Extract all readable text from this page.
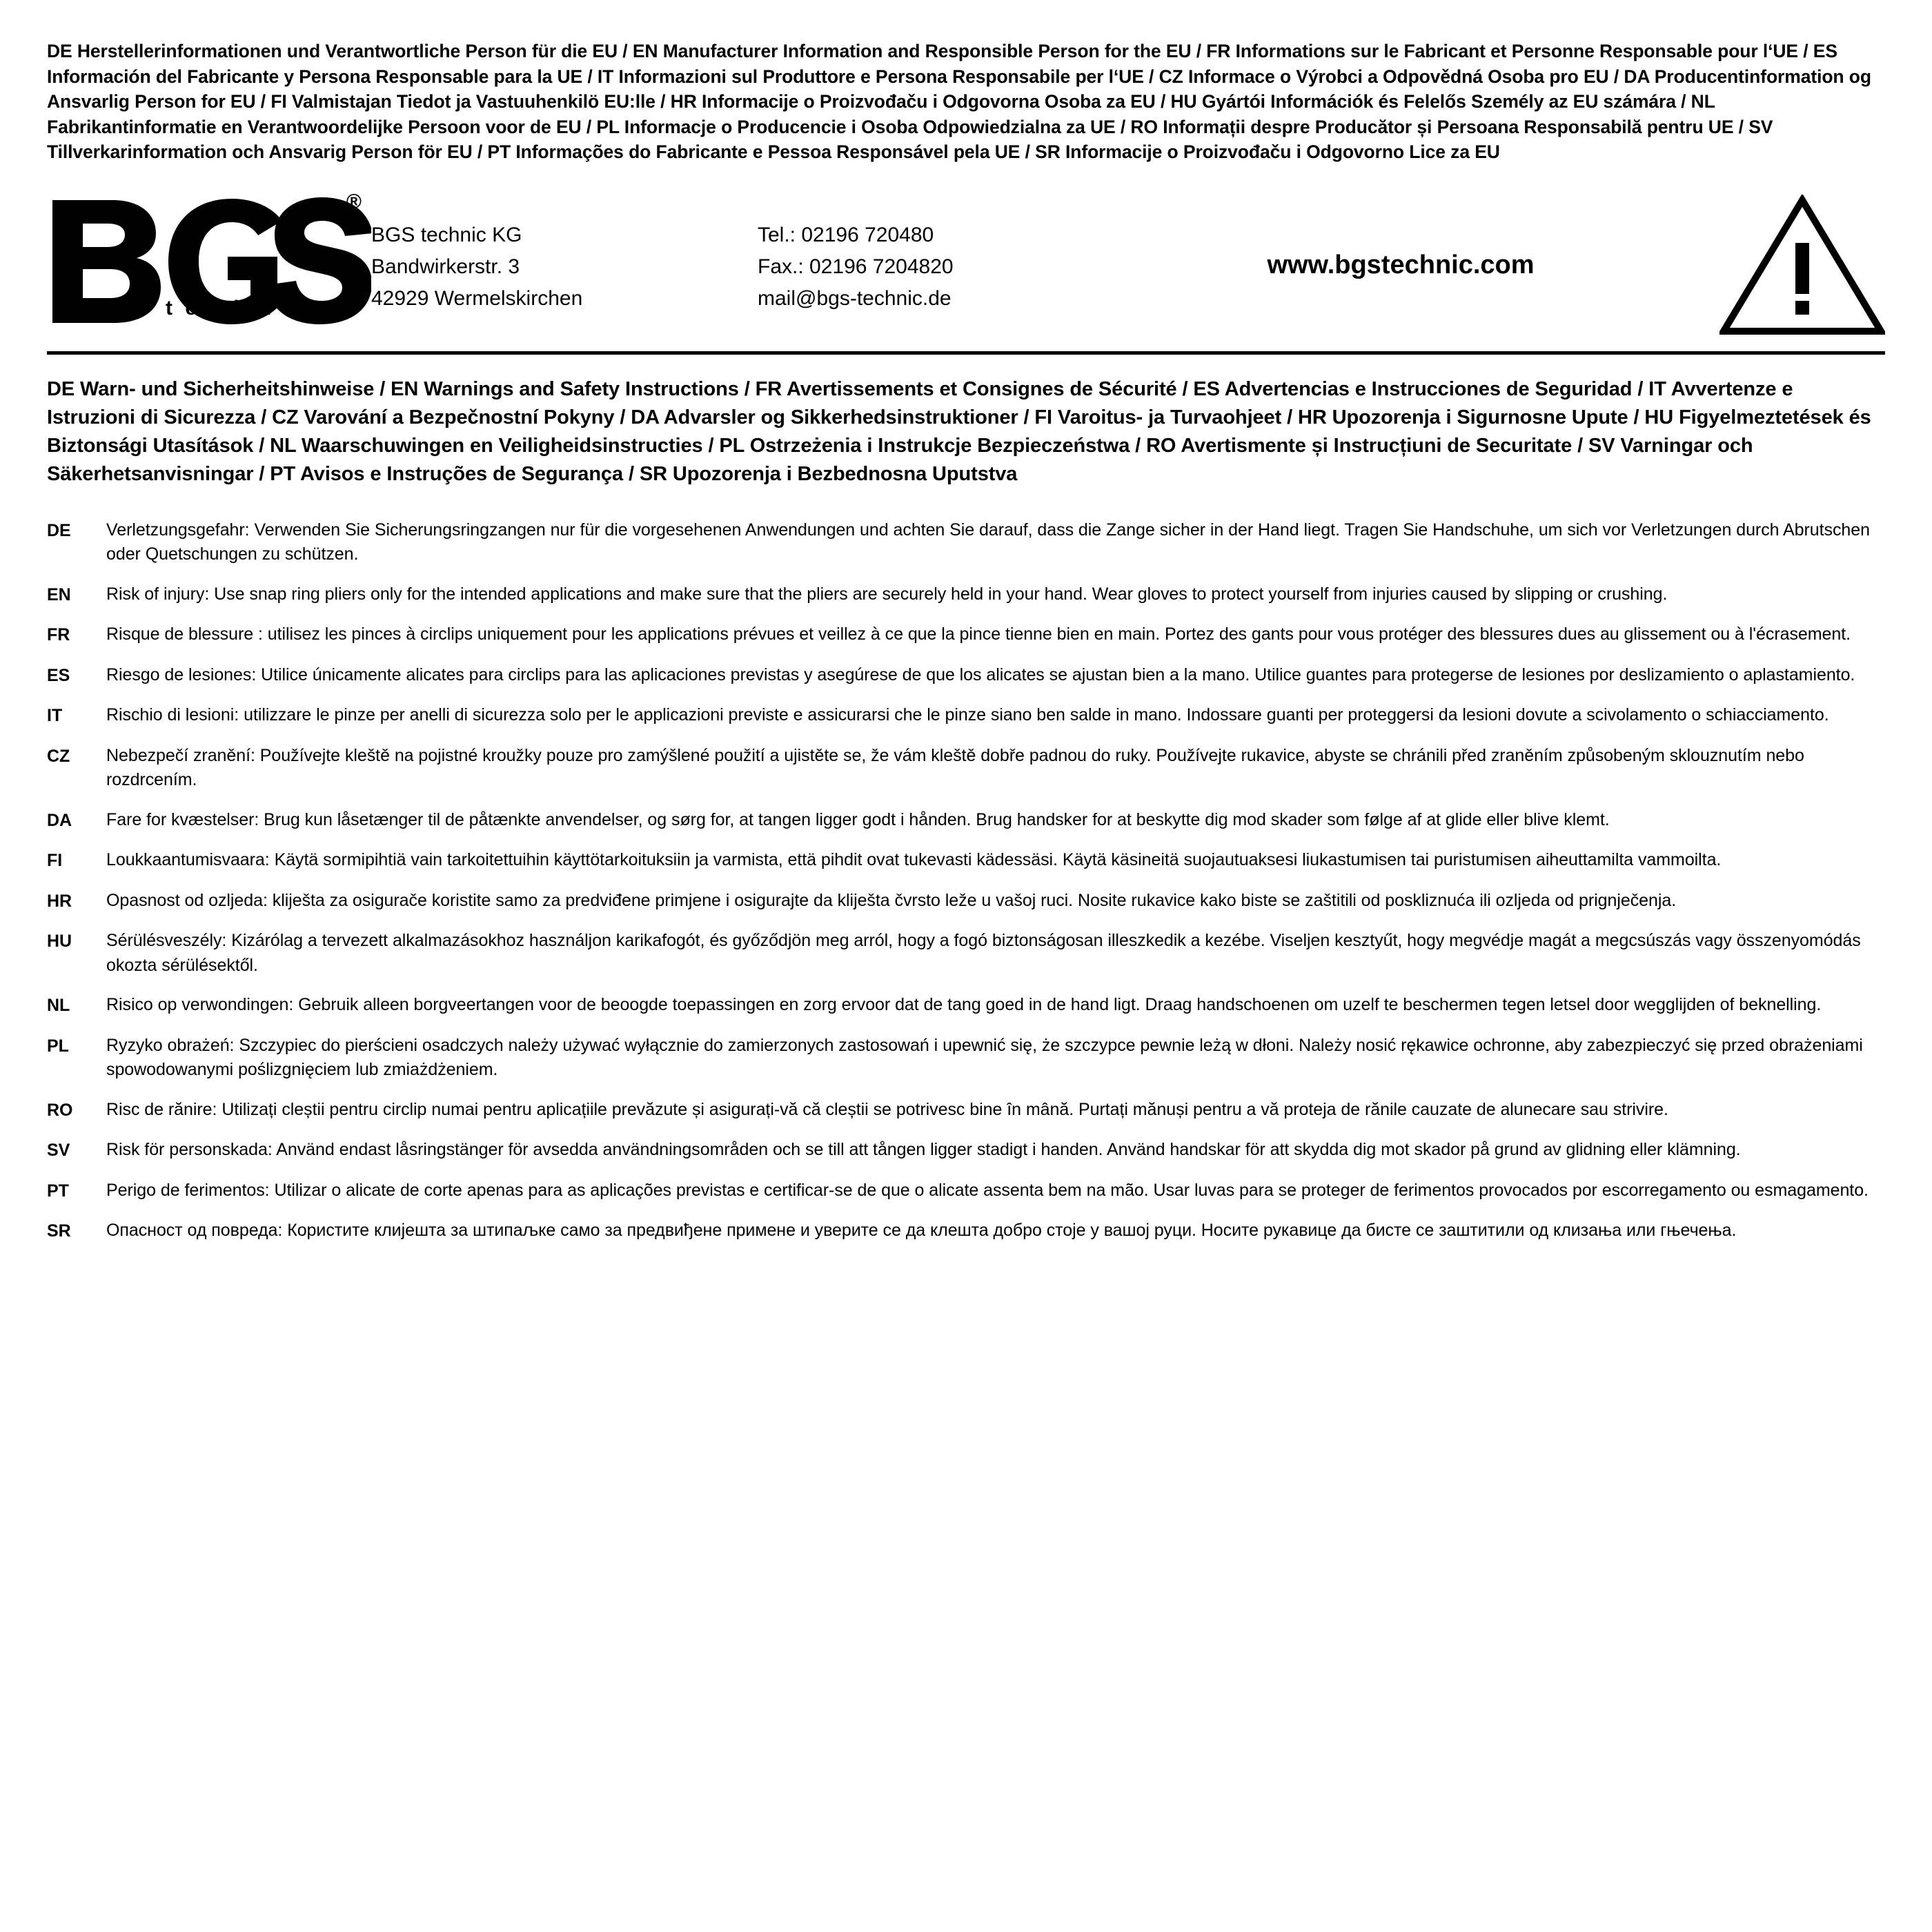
DE Herstellerinformationen und Verantwortliche Person für die EU / EN Manufacturer Information and Responsible Person for the EU / FR Informations sur le Fabricant et Personne Responsable pour l‘UE / ES Información del Fabricante y Persona Responsable para la UE / IT Informazioni sul Produttore e Persona Responsabile per l‘UE / CZ Informace o Výrobci a Odpovědná Osoba pro EU / DA Producentinformation og Ansvarlig Person for EU / FI Valmistajan Tiedot ja Vastuuhenkilö EU:lle / HR Informacije o Proizvođaču i Odgovorna Osoba za EU / HU Gyártói Információk és Felelős Személy az EU számára / NL Fabrikantinformatie en Verantwoordelijke Persoon voor de EU / PL Informacje o Producencie i Osoba Odpowiedzialna za UE / RO Informații despre Producător și Persoana Responsabilă pentru UE / SV Tillverkarinformation och Ansvarig Person för EU / PT Informações do Fabricante e Pessoa Responsável pela UE / SR Informacije o Proizvođaču i Odgovorno Lice za EU
®
t e c h n i c
BGS technic KG
Bandwirkerstr. 3
42929 Wermelskirchen
Tel.: 02196 720480
Fax.: 02196 7204820
mail@bgs-technic.de
www.bgstechnic.com
DE Warn- und Sicherheitshinweise / EN Warnings and Safety Instructions / FR Avertissements et Consignes de Sécurité / ES Advertencias e Instrucciones de Seguridad / IT Avvertenze e Istruzioni di Sicurezza / CZ Varování a Bezpečnostní Pokyny / DA Advarsler og Sikkerhedsinstruktioner / FI Varoitus- ja Turvaohjeet / HR Upozorenja i Sigurnosne Upute / HU Figyelmeztetések és Biztonsági Utasítások / NL Waarschuwingen en Veiligheidsinstructies / PL Ostrzeżenia i Instrukcje Bezpieczeństwa / RO Avertismente și Instrucțiuni de Securitate / SV Varningar och Säkerhetsanvisningar / PT Avisos e Instruções de Segurança / SR Upozorenja i Bezbednosna Uputstva
DE	Verletzungsgefahr: Verwenden Sie Sicherungsringzangen nur für die vorgesehenen Anwendungen und achten Sie darauf, dass die Zange sicher in der Hand liegt. Tragen Sie Handschuhe, um sich vor Verletzungen durch Abrutschen oder Quetschungen zu schützen.
EN	Risk of injury: Use snap ring pliers only for the intended applications and make sure that the pliers are securely held in your hand. Wear gloves to protect yourself from injuries caused by slipping or crushing.
FR	Risque de blessure : utilisez les pinces à circlips uniquement pour les applications prévues et veillez à ce que la pince tienne bien en main. Portez des gants pour vous protéger des blessures dues au glissement ou à l'écrasement.
ES	Riesgo de lesiones: Utilice únicamente alicates para circlips para las aplicaciones previstas y asegúrese de que los alicates se ajustan bien a la mano. Utilice guantes para protegerse de lesiones por deslizamiento o aplastamiento.
IT	Rischio di lesioni: utilizzare le pinze per anelli di sicurezza solo per le applicazioni previste e assicurarsi che le pinze siano ben salde in mano. Indossare guanti per proteggersi da lesioni dovute a scivolamento o schiacciamento.
CZ	Nebezpečí zranění: Používejte kleště na pojistné kroužky pouze pro zamýšlené použití a ujistěte se, že vám kleště dobře padnou do ruky. Používejte rukavice, abyste se chránili před zraněním způsobeným sklouznutím nebo rozdrcením.
DA	Fare for kvæstelser: Brug kun låsetænger til de påtænkte anvendelser, og sørg for, at tangen ligger godt i hånden. Brug handsker for at beskytte dig mod skader som følge af at glide eller blive klemt.
FI	Loukkaantumisvaara: Käytä sormipihtiä vain tarkoitettuihin käyttötarkoituksiin ja varmista, että pihdit ovat tukevasti kädessäsi. Käytä käsineitä suojautuaksesi liukastumisen tai puristumisen aiheuttamilta vammoilta.
HR	Opasnost od ozljeda: kliješta za osigurače koristite samo za predviđene primjene i osigurajte da kliješta čvrsto leže u vašoj ruci. Nosite rukavice kako biste se zaštitili od poskliznuća ili ozljeda od prignječenja.
HU	Sérülésveszély: Kizárólag a tervezett alkalmazásokhoz használjon karikafogót, és győződjön meg arról, hogy a fogó biztonságosan illeszkedik a kezébe. Viseljen kesztyűt, hogy megvédje magát a megcsúszás vagy összenyomódás okozta sérülésektől.
NL	Risico op verwondingen: Gebruik alleen borgveertangen voor de beoogde toepassingen en zorg ervoor dat de tang goed in de hand ligt. Draag handschoenen om uzelf te beschermen tegen letsel door wegglijden of beknelling.
PL	Ryzyko obrażeń: Szczypiec do pierścieni osadczych należy używać wyłącznie do zamierzonych zastosowań i upewnić się, że szczypce pewnie leżą w dłoni. Należy nosić rękawice ochronne, aby zabezpieczyć się przed obrażeniami spowodowanymi poślizgnięciem lub zmiażdżeniem.
RO	Risc de rănire: Utilizați cleștii pentru circlip numai pentru aplicațiile prevăzute și asigurați-vă că cleștii se potrivesc bine în mână. Purtați mănuși pentru a vă proteja de rănile cauzate de alunecare sau strivire.
SV	Risk för personskada: Använd endast låsringstänger för avsedda användningsområden och se till att tången ligger stadigt i handen. Använd handskar för att skydda dig mot skador på grund av glidning eller klämning.
PT	Perigo de ferimentos: Utilizar o alicate de corte apenas para as aplicações previstas e certificar-se de que o alicate assenta bem na mão. Usar luvas para se proteger de ferimentos provocados por escorregamento ou esmagamento.
SR	Опасност од повреда: Користите клијешта за штипаљке само за предвиђене примене и уверите се да клешта добро стоје у вашој руци. Носите рукавице да бисте се заштитили од клизања или гњечења.
